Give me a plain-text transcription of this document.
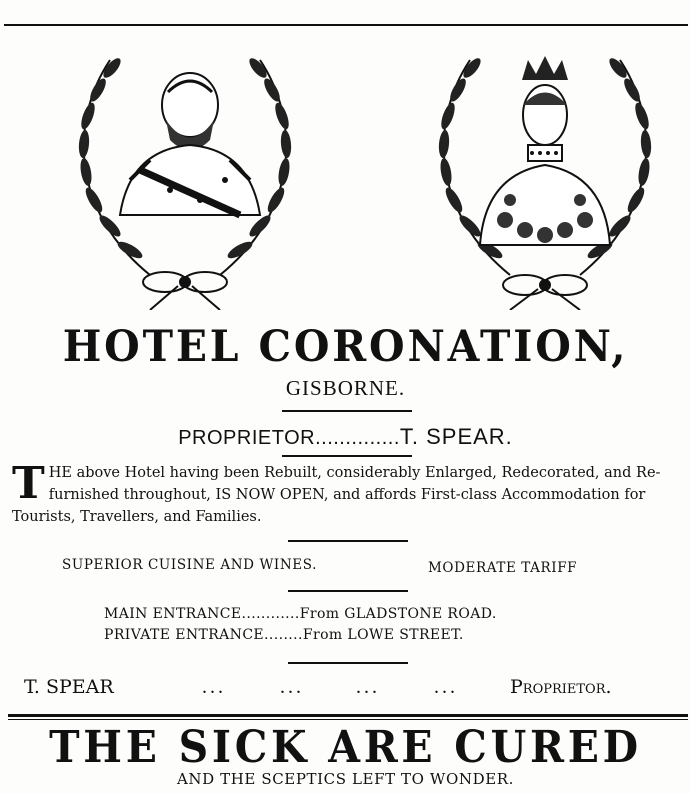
HOTEL CORONATION,
GISBORNE.
PROPRIETOR..............T. SPEAR.
THE above Hotel having been Rebuilt, considerably Enlarged, Redecorated, and Re-furnished throughout, IS NOW OPEN, and affords First-class Accommodation for Tourists, Travellers, and Families.
SUPERIOR CUISINE AND WINES.	MODERATE TARIFF
MAIN ENTRANCE............From GLADSTONE ROAD.
PRIVATE ENTRANCE........From LOWE STREET.
T. SPEAR	...	...	...	...	Proprietor.
THE SICK ARE CURED
AND THE SCEPTICS LEFT TO WONDER.
